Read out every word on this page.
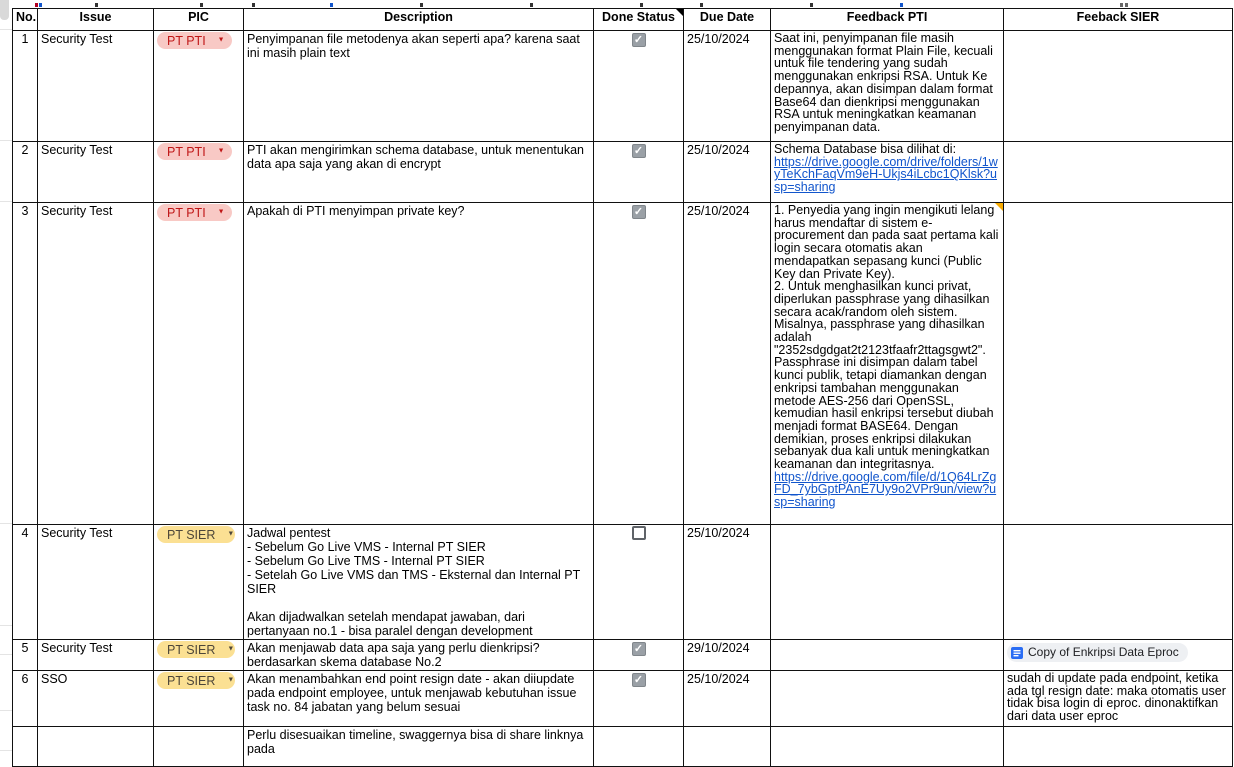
No.	Issue	PIC	Description	Done Status	Due Date	Feedback PTI	Feeback SIER
1	Security Test	PT PTI ▼	Penyimpanan file metodenya akan seperti apa? karena saat ini masih plain text	✓	25/10/2024	Saat ini, penyimpanan file masih menggunakan format Plain File, kecuali untuk file tendering yang sudah menggunakan enkripsi RSA. Untuk Ke depannya, akan disimpan dalam format Base64 dan dienkripsi menggunakan RSA untuk meningkatkan keamanan penyimpanan data.	
2	Security Test	PT PTI ▼	PTI akan mengirimkan schema database, untuk menentukan data apa saja yang akan di encrypt	✓	25/10/2024	Schema Database bisa dilihat di:
https://drive.google.com/drive/folders/1wyTeKchFaqVm9eH-Ukjs4iLcbc1QKlsk?usp=sharing	
3	Security Test	PT PTI ▼	Apakah di PTI menyimpan private key?	✓	25/10/2024	1. Penyedia yang ingin mengikuti lelang harus mendaftar di sistem e-procurement dan pada saat pertama kali login secara otomatis akan mendapatkan sepasang kunci (Public Key dan Private Key).
2. Untuk menghasilkan kunci privat, diperlukan passphrase yang dihasilkan secara acak/random oleh sistem. Misalnya, passphrase yang dihasilkan adalah "2352sdgdgat2t2123tfaafr2ttagsgwt2". Passphrase ini disimpan dalam tabel kunci publik, tetapi diamankan dengan enkripsi tambahan menggunakan metode AES-256 dari OpenSSL, kemudian hasil enkripsi tersebut diubah menjadi format BASE64. Dengan demikian, proses enkripsi dilakukan sebanyak dua kali untuk meningkatkan keamanan dan integritasnya.
https://drive.google.com/file/d/1Q64LrZgFD_7ybGptPAnE7Uy9o2VPr9un/view?usp=sharing

4	Security Test	PT SIER ▼	Jadwal pentest
- Sebelum Go Live VMS - Internal PT SIER
- Sebelum Go Live TMS - Internal PT SIER
- Setelah Go Live VMS dan TMS - Eksternal dan Internal PT SIER

Akan dijadwalkan setelah mendapat jawaban, dari pertanyaan no.1 - bisa paralel dengan development		25/10/2024		
5	Security Test	PT SIER ▼	Akan menjawab data apa saja yang perlu dienkripsi? berdasarkan skema database No.2	✓	29/10/2024		Copy of Enkripsi Data Eproc

6	SSO	PT SIER ▼	Akan menambahkan end point resign date - akan diiupdate pada endpoint employee, untuk menjawab kebutuhan issue task no. 84 jabatan yang belum sesuai	✓	25/10/2024		sudah di update pada endpoint, ketika ada tgl resign date: maka otomatis user tidak bisa login di eproc. dinonaktifkan dari data user eproc
			Perlu disesuaikan timeline, swaggernya bisa di share linknya pada				
